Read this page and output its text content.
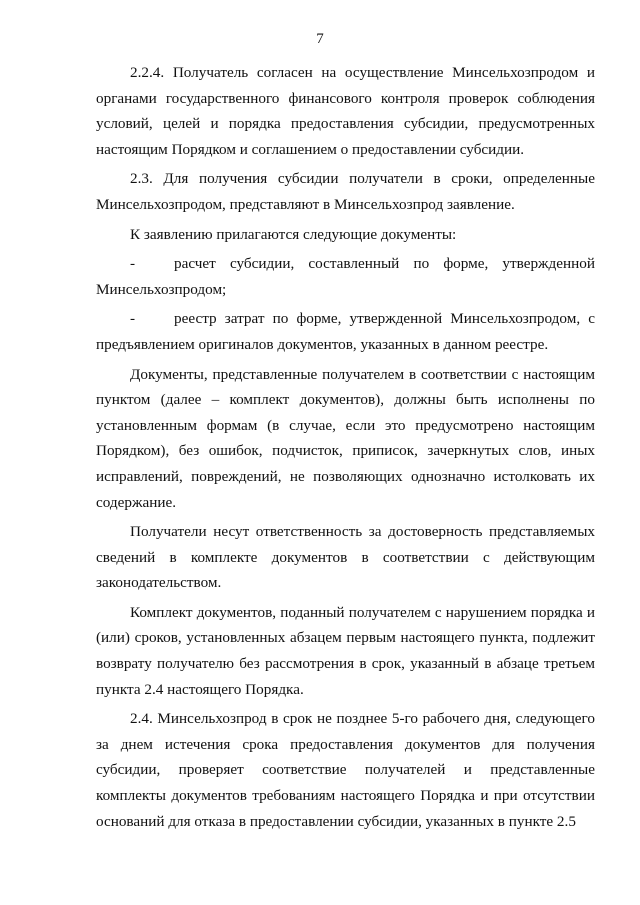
7

2.2.4. Получатель согласен на осуществление Минсельхозпродом и органами государственного финансового контроля проверок соблюдения условий, целей и порядка предоставления субсидии, предусмотренных настоящим Порядком и соглашением о предоставлении субсидии.

2.3. Для получения субсидии получатели в сроки, определенные Минсельхозпродом, представляют в Минсельхозпрод заявление.

К заявлению прилагаются следующие документы:

-	расчет субсидии, составленный по форме, утвержденной Минсельхозпродом;

-	реестр затрат по форме, утвержденной Минсельхозпродом, с предъявлением оригиналов документов, указанных в данном реестре.

Документы, представленные получателем в соответствии с настоящим пунктом (далее – комплект документов), должны быть исполнены по установленным формам (в случае, если это предусмотрено настоящим Порядком), без ошибок, подчисток, приписок, зачеркнутых слов, иных исправлений, повреждений, не позволяющих однозначно истолковать их содержание.

Получатели несут ответственность за достоверность представляемых сведений в комплекте документов в соответствии с действующим законодательством.

Комплект документов, поданный получателем с нарушением порядка и (или) сроков, установленных абзацем первым настоящего пункта, подлежит возврату получателю без рассмотрения в срок, указанный в абзаце третьем пункта 2.4 настоящего Порядка.

2.4. Минсельхозпрод в срок не позднее 5-го рабочего дня, следующего за днем истечения срока предоставления документов для получения субсидии, проверяет соответствие получателей и представленные комплекты документов требованиям настоящего Порядка и при отсутствии оснований для отказа в предоставлении субсидии, указанных в пункте 2.5
